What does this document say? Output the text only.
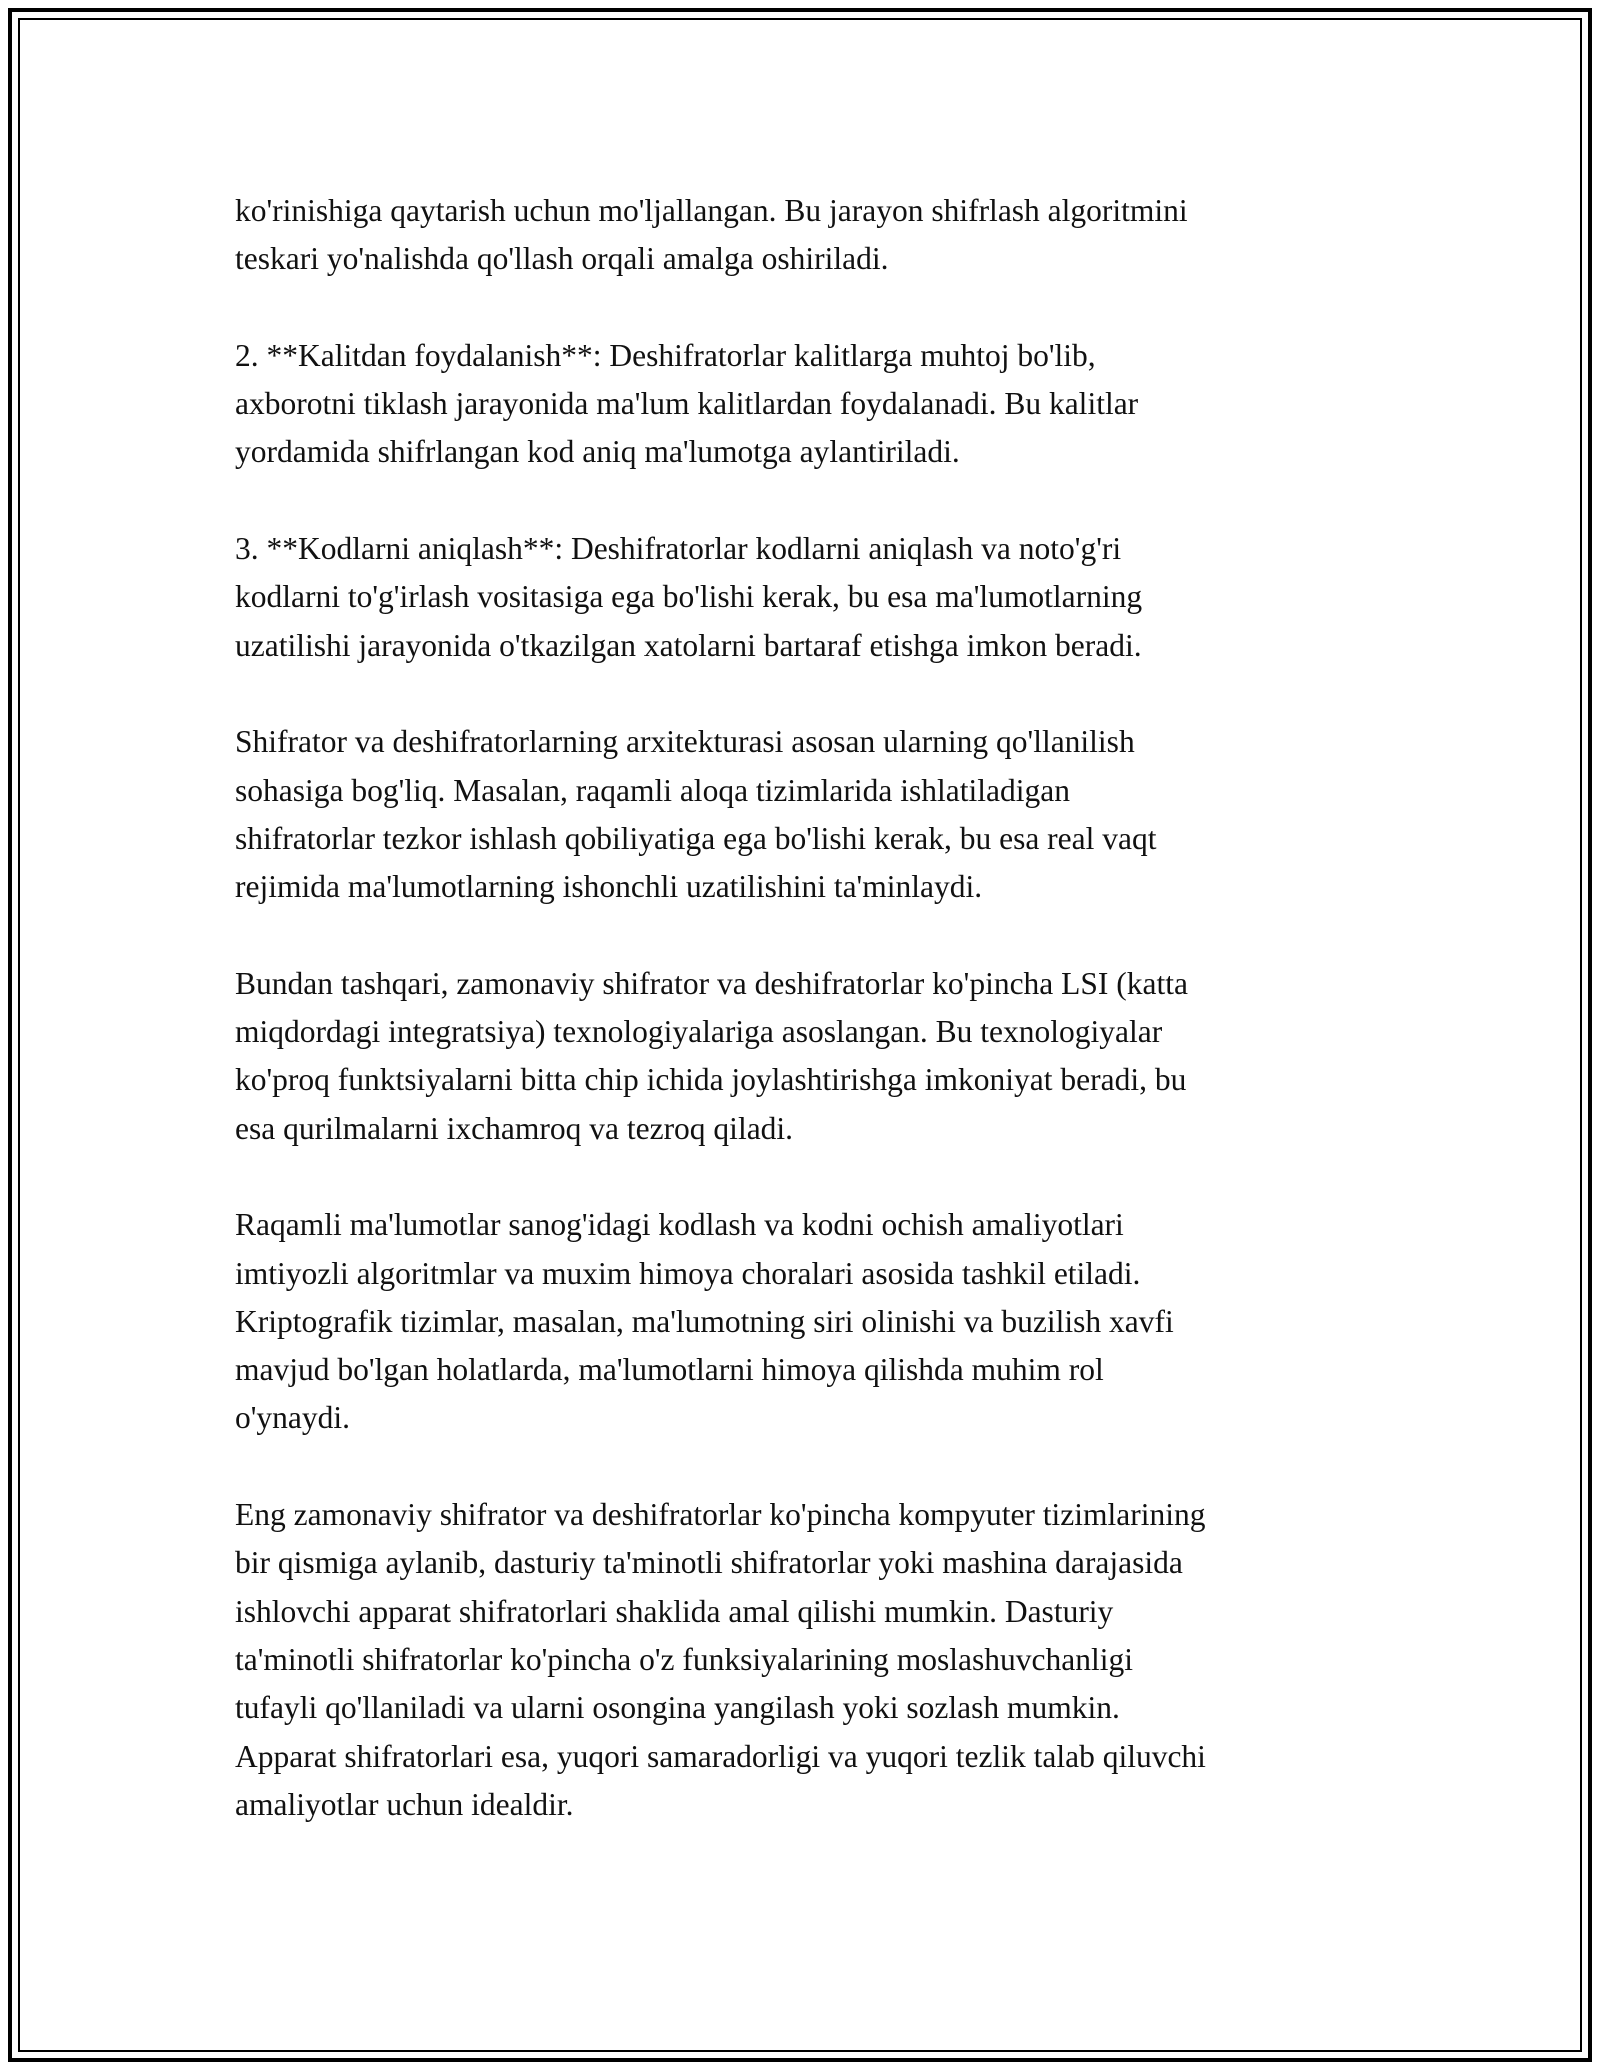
ko'rinishiga qaytarish uchun mo'ljallangan. Bu jarayon shifrlash algoritmini
teskari yo'nalishda qo'llash orqali amalga oshiriladi.

2. **Kalitdan foydalanish**: Deshifratorlar kalitlarga muhtoj bo'lib,
axborotni tiklash jarayonida ma'lum kalitlardan foydalanadi. Bu kalitlar
yordamida shifrlangan kod aniq ma'lumotga aylantiriladi.

3. **Kodlarni aniqlash**: Deshifratorlar kodlarni aniqlash va noto'g'ri
kodlarni to'g'irlash vositasiga ega bo'lishi kerak, bu esa ma'lumotlarning
uzatilishi jarayonida o'tkazilgan xatolarni bartaraf etishga imkon beradi.

Shifrator va deshifratorlarning arxitekturasi asosan ularning qo'llanilish
sohasiga bog'liq. Masalan, raqamli aloqa tizimlarida ishlatiladigan
shifratorlar tezkor ishlash qobiliyatiga ega bo'lishi kerak, bu esa real vaqt
rejimida ma'lumotlarning ishonchli uzatilishini ta'minlaydi.

Bundan tashqari, zamonaviy shifrator va deshifratorlar ko'pincha LSI (katta
miqdordagi integratsiya) texnologiyalariga asoslangan. Bu texnologiyalar
ko'proq funktsiyalarni bitta chip ichida joylashtirishga imkoniyat beradi, bu
esa qurilmalarni ixchamroq va tezroq qiladi.

Raqamli ma'lumotlar sanog'idagi kodlash va kodni ochish amaliyotlari
imtiyozli algoritmlar va muxim himoya choralari asosida tashkil etiladi.
Kriptografik tizimlar, masalan, ma'lumotning siri olinishi va buzilish xavfi
mavjud bo'lgan holatlarda, ma'lumotlarni himoya qilishda muhim rol
o'ynaydi.

Eng zamonaviy shifrator va deshifratorlar ko'pincha kompyuter tizimlarining
bir qismiga aylanib, dasturiy ta'minotli shifratorlar yoki mashina darajasida
ishlovchi apparat shifratorlari shaklida amal qilishi mumkin. Dasturiy
ta'minotli shifratorlar ko'pincha o'z funksiyalarining moslashuvchanligi
tufayli qo'llaniladi va ularni osongina yangilash yoki sozlash mumkin.
Apparat shifratorlari esa, yuqori samaradorligi va yuqori tezlik talab qiluvchi
amaliyotlar uchun idealdir.
